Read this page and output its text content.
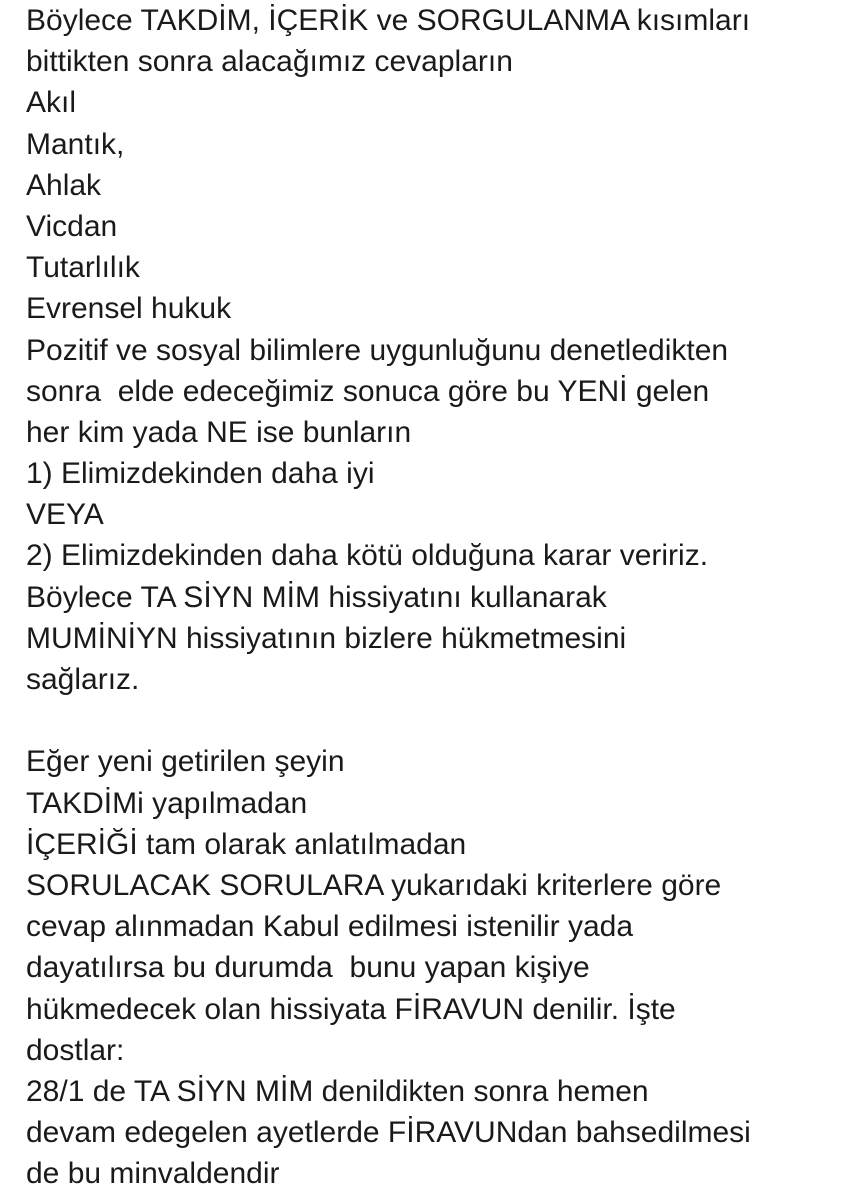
Böylece TAKDİM, İÇERİK ve SORGULANMA kısımları
bittikten sonra alacağımız cevapların
Akıl
Mantık,
Ahlak
Vicdan
Tutarlılık
Evrensel hukuk
Pozitif ve sosyal bilimlere uygunluğunu denetledikten
sonra  elde edeceğimiz sonuca göre bu YENİ gelen
her kim yada NE ise bunların
1) Elimizdekinden daha iyi
VEYA
2) Elimizdekinden daha kötü olduğuna karar veririz.
Böylece TA SİYN MİM hissiyatını kullanarak
MUMİNİYN hissiyatının bizlere hükmetmesini
sağlarız.
Eğer yeni getirilen şeyin
TAKDİMi yapılmadan
İÇERİĞİ tam olarak anlatılmadan
SORULACAK SORULARA yukarıdaki kriterlere göre
cevap alınmadan Kabul edilmesi istenilir yada
dayatılırsa bu durumda  bunu yapan kişiye
hükmedecek olan hissiyata FİRAVUN denilir. İşte
dostlar:
28/1 de TA SİYN MİM denildikten sonra hemen
devam edegelen ayetlerde FİRAVUNdan bahsedilmesi
de bu minvaldendir
